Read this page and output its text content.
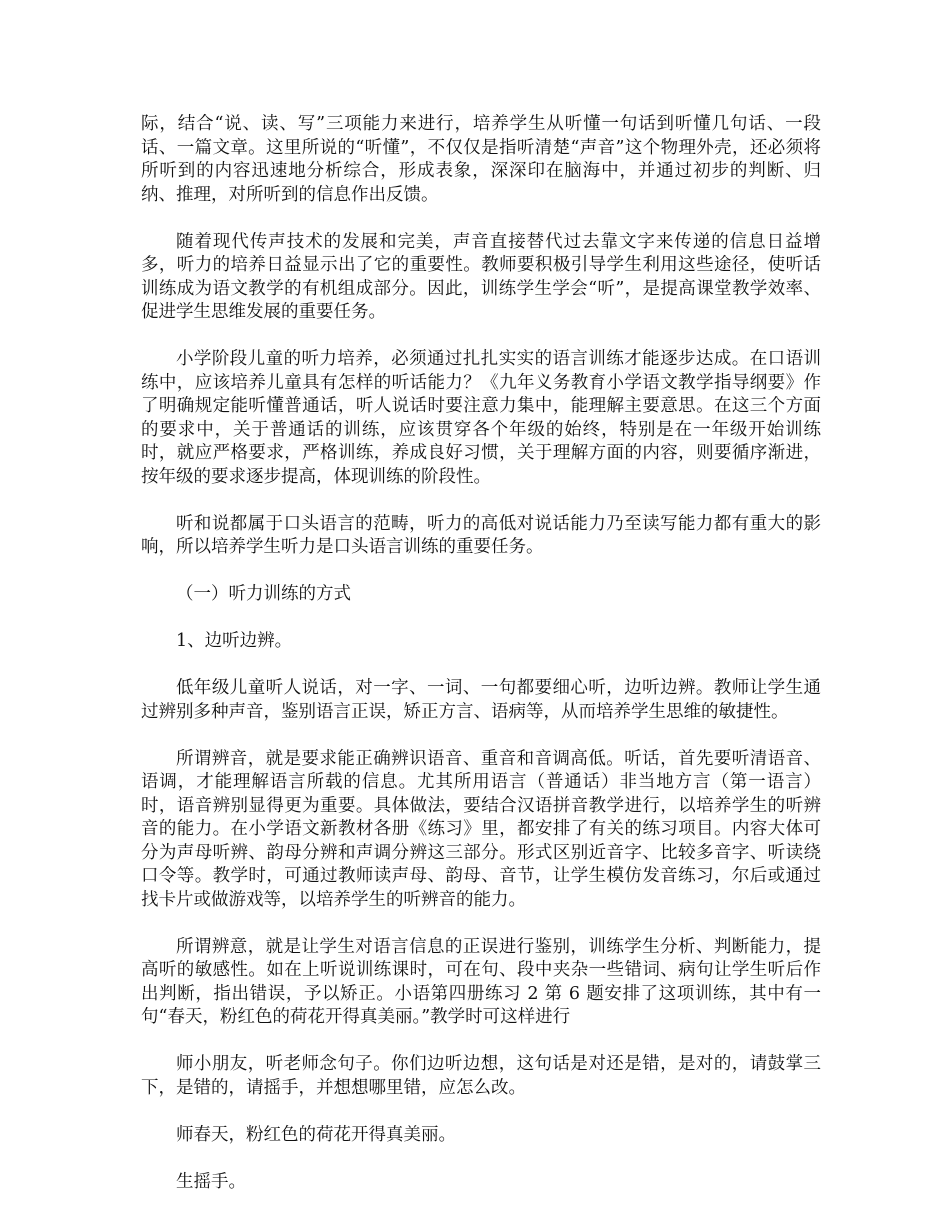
际，结合“说、读、写”三项能力来进行，培养学生从听懂一句话到听懂几句话、一段话、一篇文章。这里所说的“听懂”，不仅仅是指听清楚“声音”这个物理外壳，还必须将所听到的内容迅速地分析综合，形成表象，深深印在脑海中，并通过初步的判断、归纳、推理，对所听到的信息作出反馈。

随着现代传声技术的发展和完美，声音直接替代过去靠文字来传递的信息日益增多，听力的培养日益显示出了它的重要性。教师要积极引导学生利用这些途径，使听话训练成为语文教学的有机组成部分。因此，训练学生学会“听”，是提高课堂教学效率、促进学生思维发展的重要任务。

小学阶段儿童的听力培养，必须通过扎扎实实的语言训练才能逐步达成。在口语训练中，应该培养儿童具有怎样的听话能力？《九年义务教育小学语文教学指导纲要》作了明确规定能听懂普通话，听人说话时要注意力集中，能理解主要意思。在这三个方面的要求中，关于普通话的训练，应该贯穿各个年级的始终，特别是在一年级开始训练时，就应严格要求，严格训练，养成良好习惯，关于理解方面的内容，则要循序渐进，按年级的要求逐步提高，体现训练的阶段性。

听和说都属于口头语言的范畴，听力的高低对说话能力乃至读写能力都有重大的影响，所以培养学生听力是口头语言训练的重要任务。

（一）听力训练的方式

1、边听边辨。

低年级儿童听人说话，对一字、一词、一句都要细心听，边听边辨。教师让学生通过辨别多种声音，鉴别语言正误，矫正方言、语病等，从而培养学生思维的敏捷性。

所谓辨音，就是要求能正确辨识语音、重音和音调高低。听话，首先要听清语音、语调，才能理解语言所载的信息。尤其所用语言（普通话）非当地方言（第一语言）时，语音辨别显得更为重要。具体做法，要结合汉语拼音教学进行，以培养学生的听辨音的能力。在小学语文新教材各册《练习》里，都安排了有关的练习项目。内容大体可分为声母听辨、韵母分辨和声调分辨这三部分。形式区别近音字、比较多音字、听读绕口令等。教学时，可通过教师读声母、韵母、音节，让学生模仿发音练习，尔后或通过找卡片或做游戏等，以培养学生的听辨音的能力。

所谓辨意，就是让学生对语言信息的正误进行鉴别，训练学生分析、判断能力，提高听的敏感性。如在上听说训练课时，可在句、段中夹杂一些错词、病句让学生听后作出判断，指出错误，予以矫正。小语第四册练习 2 第 6 题安排了这项训练，其中有一句“春天，粉红色的荷花开得真美丽。”教学时可这样进行

师小朋友，听老师念句子。你们边听边想，这句话是对还是错，是对的，请鼓掌三下，是错的，请摇手，并想想哪里错，应怎么改。

师春天，粉红色的荷花开得真美丽。

生摇手。
